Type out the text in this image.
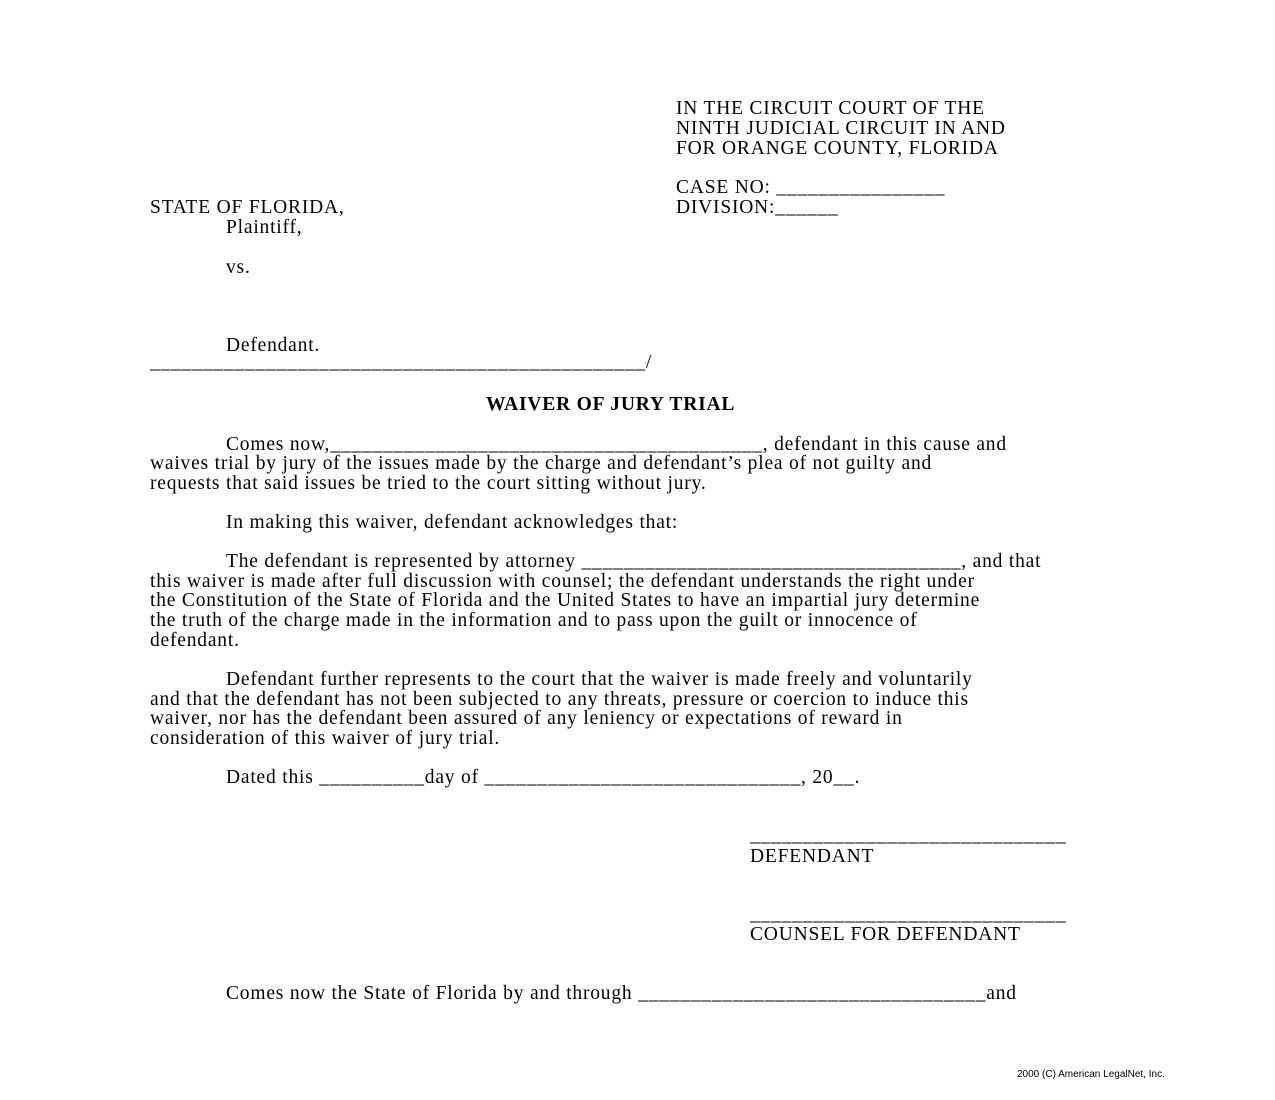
IN THE CIRCUIT COURT OF THE
NINTH JUDICIAL CIRCUIT IN AND
FOR ORANGE COUNTY, FLORIDA
CASE NO: ________________
DIVISION:______
STATE OF FLORIDA,
Plaintiff,
vs.
Defendant.
_______________________________________________/
WAIVER OF JURY TRIAL
Comes now,_________________________________________, defendant in this cause and
waives trial by jury of the issues made by the charge and defendant’s plea of not guilty and
requests that said issues be tried to the court sitting without jury.
In making this waiver, defendant acknowledges that:
The defendant is represented by attorney ____________________________________, and that
this waiver is made after full discussion with counsel; the defendant understands the right under
the Constitution of the State of Florida and the United States to have an impartial jury determine
the truth of the charge made in the information and to pass upon the guilt or innocence of
defendant.
Defendant further represents to the court that the waiver is made freely and voluntarily
and that the defendant has not been subjected to any threats, pressure or coercion to induce this
waiver, nor has the defendant been assured of any leniency or expectations of reward in
consideration of this waiver of jury trial.
Dated this __________day of ______________________________, 20__.
______________________________
DEFENDANT
______________________________
COUNSEL FOR DEFENDANT
Comes now the State of Florida by and through _________________________________and
2000 (C) American LegalNet, Inc.
